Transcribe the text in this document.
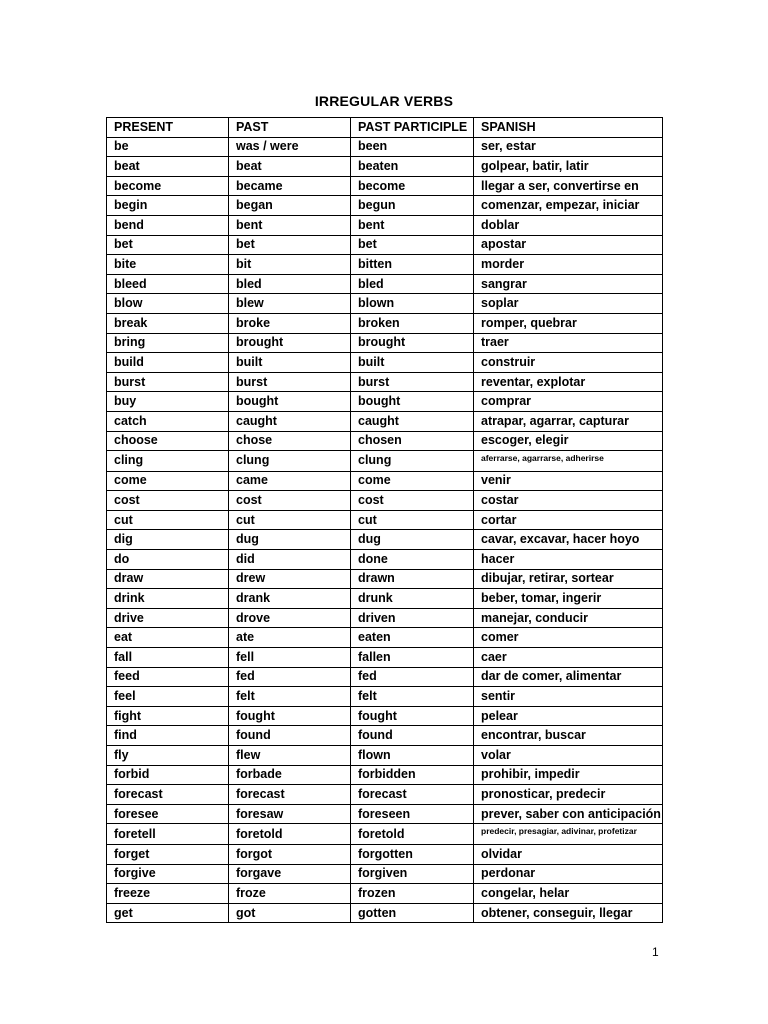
IRREGULAR VERBS
PRESENT	PAST	PAST PARTICIPLE	SPANISH
be	was / were	been	ser, estar
beat	beat	beaten	golpear, batir, latir
become	became	become	llegar a ser, convertirse en
begin	began	begun	comenzar, empezar, iniciar
bend	bent	bent	doblar
bet	bet	bet	apostar
bite	bit	bitten	morder
bleed	bled	bled	sangrar
blow	blew	blown	soplar
break	broke	broken	romper, quebrar
bring	brought	brought	traer
build	built	built	construir
burst	burst	burst	reventar, explotar
buy	bought	bought	comprar
catch	caught	caught	atrapar, agarrar, capturar
choose	chose	chosen	escoger, elegir
cling	clung	clung	aferrarse, agarrarse, adherirse
come	came	come	venir
cost	cost	cost	costar
cut	cut	cut	cortar
dig	dug	dug	cavar, excavar, hacer hoyo
do	did	done	hacer
draw	drew	drawn	dibujar, retirar, sortear
drink	drank	drunk	beber, tomar, ingerir
drive	drove	driven	manejar, conducir
eat	ate	eaten	comer
fall	fell	fallen	caer
feed	fed	fed	dar de comer, alimentar
feel	felt	felt	sentir
fight	fought	fought	pelear
find	found	found	encontrar, buscar
fly	flew	flown	volar
forbid	forbade	forbidden	prohibir, impedir
forecast	forecast	forecast	pronosticar, predecir
foresee	foresaw	foreseen	prever, saber con anticipación
foretell	foretold	foretold	predecir, presagiar, adivinar, profetizar
forget	forgot	forgotten	olvidar
forgive	forgave	forgiven	perdonar
freeze	froze	frozen	congelar, helar
get	got	gotten	obtener, conseguir, llegar
1
